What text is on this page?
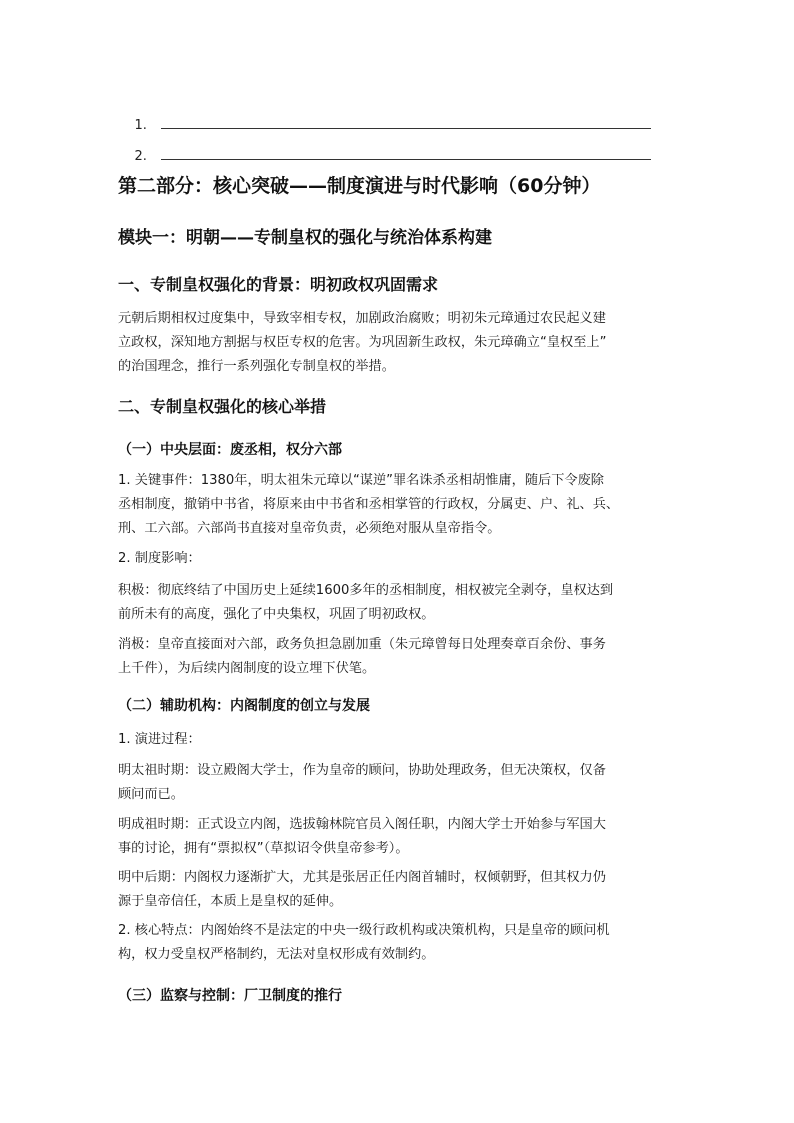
1.

2.

第二部分：核心突破——制度演进与时代影响（60分钟）
模块一：明朝——专制皇权的强化与统治体系构建
一、专制皇权强化的背景：明初政权巩固需求
元朝后期相权过度集中，导致宰相专权，加剧政治腐败；明初朱元璋通过农民起义建
立政权，深知地方割据与权臣专权的危害。为巩固新生政权，朱元璋确立“皇权至上”
的治国理念，推行一系列强化专制皇权的举措。
二、专制皇权强化的核心举措
（一）中央层面：废丞相，权分六部
1. 关键事件：1380年，明太祖朱元璋以“谋逆”罪名诛杀丞相胡惟庸，随后下令废除
丞相制度，撤销中书省，将原来由中书省和丞相掌管的行政权，分属吏、户、礼、兵、
刑、工六部。六部尚书直接对皇帝负责，必须绝对服从皇帝指令。
2. 制度影响：
积极：彻底终结了中国历史上延续1600多年的丞相制度，相权被完全剥夺，皇权达到
前所未有的高度，强化了中央集权，巩固了明初政权。
消极：皇帝直接面对六部，政务负担急剧加重（朱元璋曾每日处理奏章百余份、事务
上千件），为后续内阁制度的设立埋下伏笔。
（二）辅助机构：内阁制度的创立与发展
1. 演进过程：
明太祖时期：设立殿阁大学士，作为皇帝的顾问，协助处理政务，但无决策权，仅备
顾问而已。
明成祖时期：正式设立内阁，选拔翰林院官员入阁任职，内阁大学士开始参与军国大
事的讨论，拥有“票拟权”（草拟诏令供皇帝参考）。
明中后期：内阁权力逐渐扩大，尤其是张居正任内阁首辅时，权倾朝野，但其权力仍
源于皇帝信任，本质上是皇权的延伸。
2. 核心特点：内阁始终不是法定的中央一级行政机构或决策机构，只是皇帝的顾问机
构，权力受皇权严格制约，无法对皇权形成有效制约。
（三）监察与控制：厂卫制度的推行
